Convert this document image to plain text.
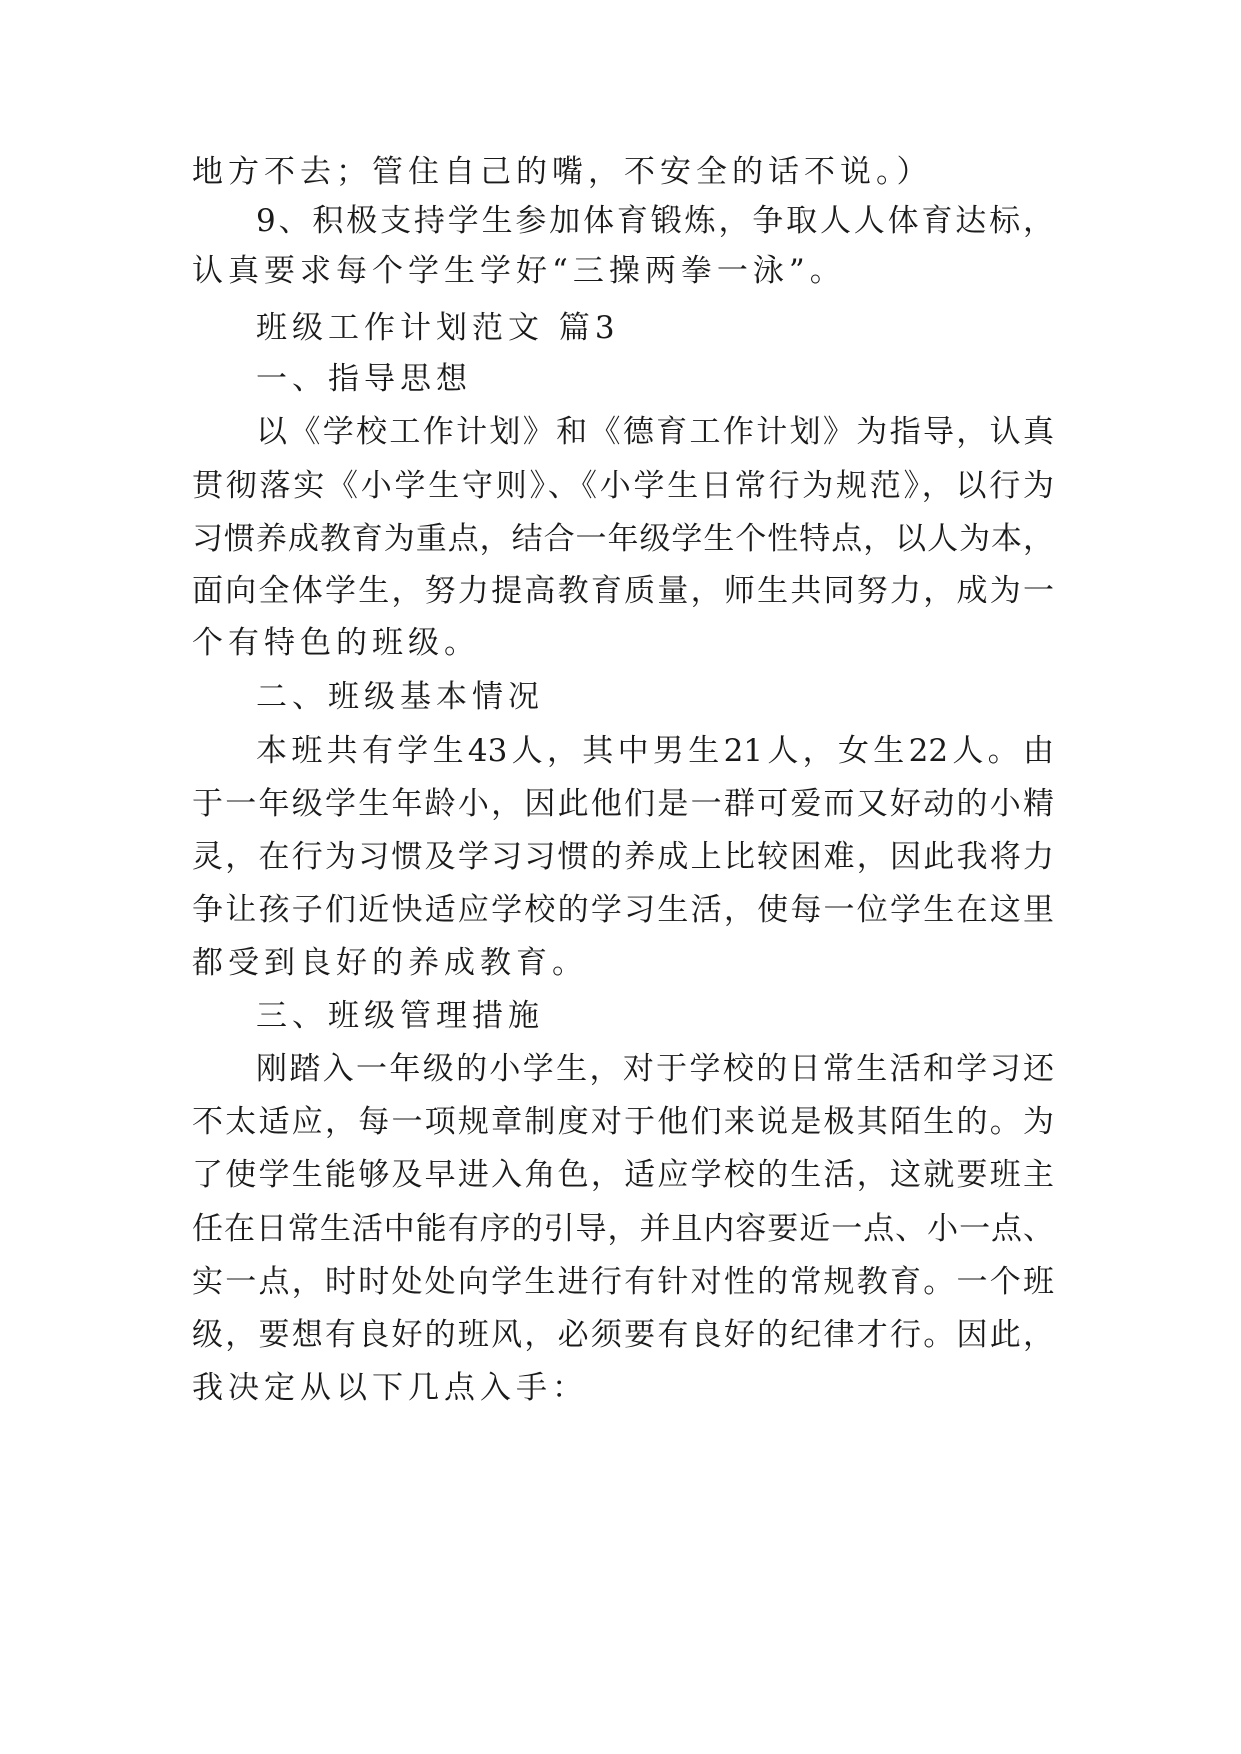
地方不去；管住自己的嘴，不安全的话不说。）
9、积极支持学生参加体育锻炼，争取人人体育达标，
认真要求每个学生学好“三操两拳一泳”。
班级工作计划范文 篇3
一、指导思想
以《学校工作计划》和《德育工作计划》为指导，认真
贯彻落实《小学生守则》、《小学生日常行为规范》，以行为
习惯养成教育为重点，结合一年级学生个性特点，以人为本，
面向全体学生，努力提高教育质量，师生共同努力，成为一
个有特色的班级。
二、班级基本情况
本班共有学生43人，其中男生21人，女生22人。由
于一年级学生年龄小，因此他们是一群可爱而又好动的小精
灵，在行为习惯及学习习惯的养成上比较困难，因此我将力
争让孩子们近快适应学校的学习生活，使每一位学生在这里
都受到良好的养成教育。
三、班级管理措施
刚踏入一年级的小学生，对于学校的日常生活和学习还
不太适应，每一项规章制度对于他们来说是极其陌生的。为
了使学生能够及早进入角色，适应学校的生活，这就要班主
任在日常生活中能有序的引导，并且内容要近一点、小一点、
实一点，时时处处向学生进行有针对性的常规教育。一个班
级，要想有良好的班风，必须要有良好的纪律才行。因此，
我决定从以下几点入手：
